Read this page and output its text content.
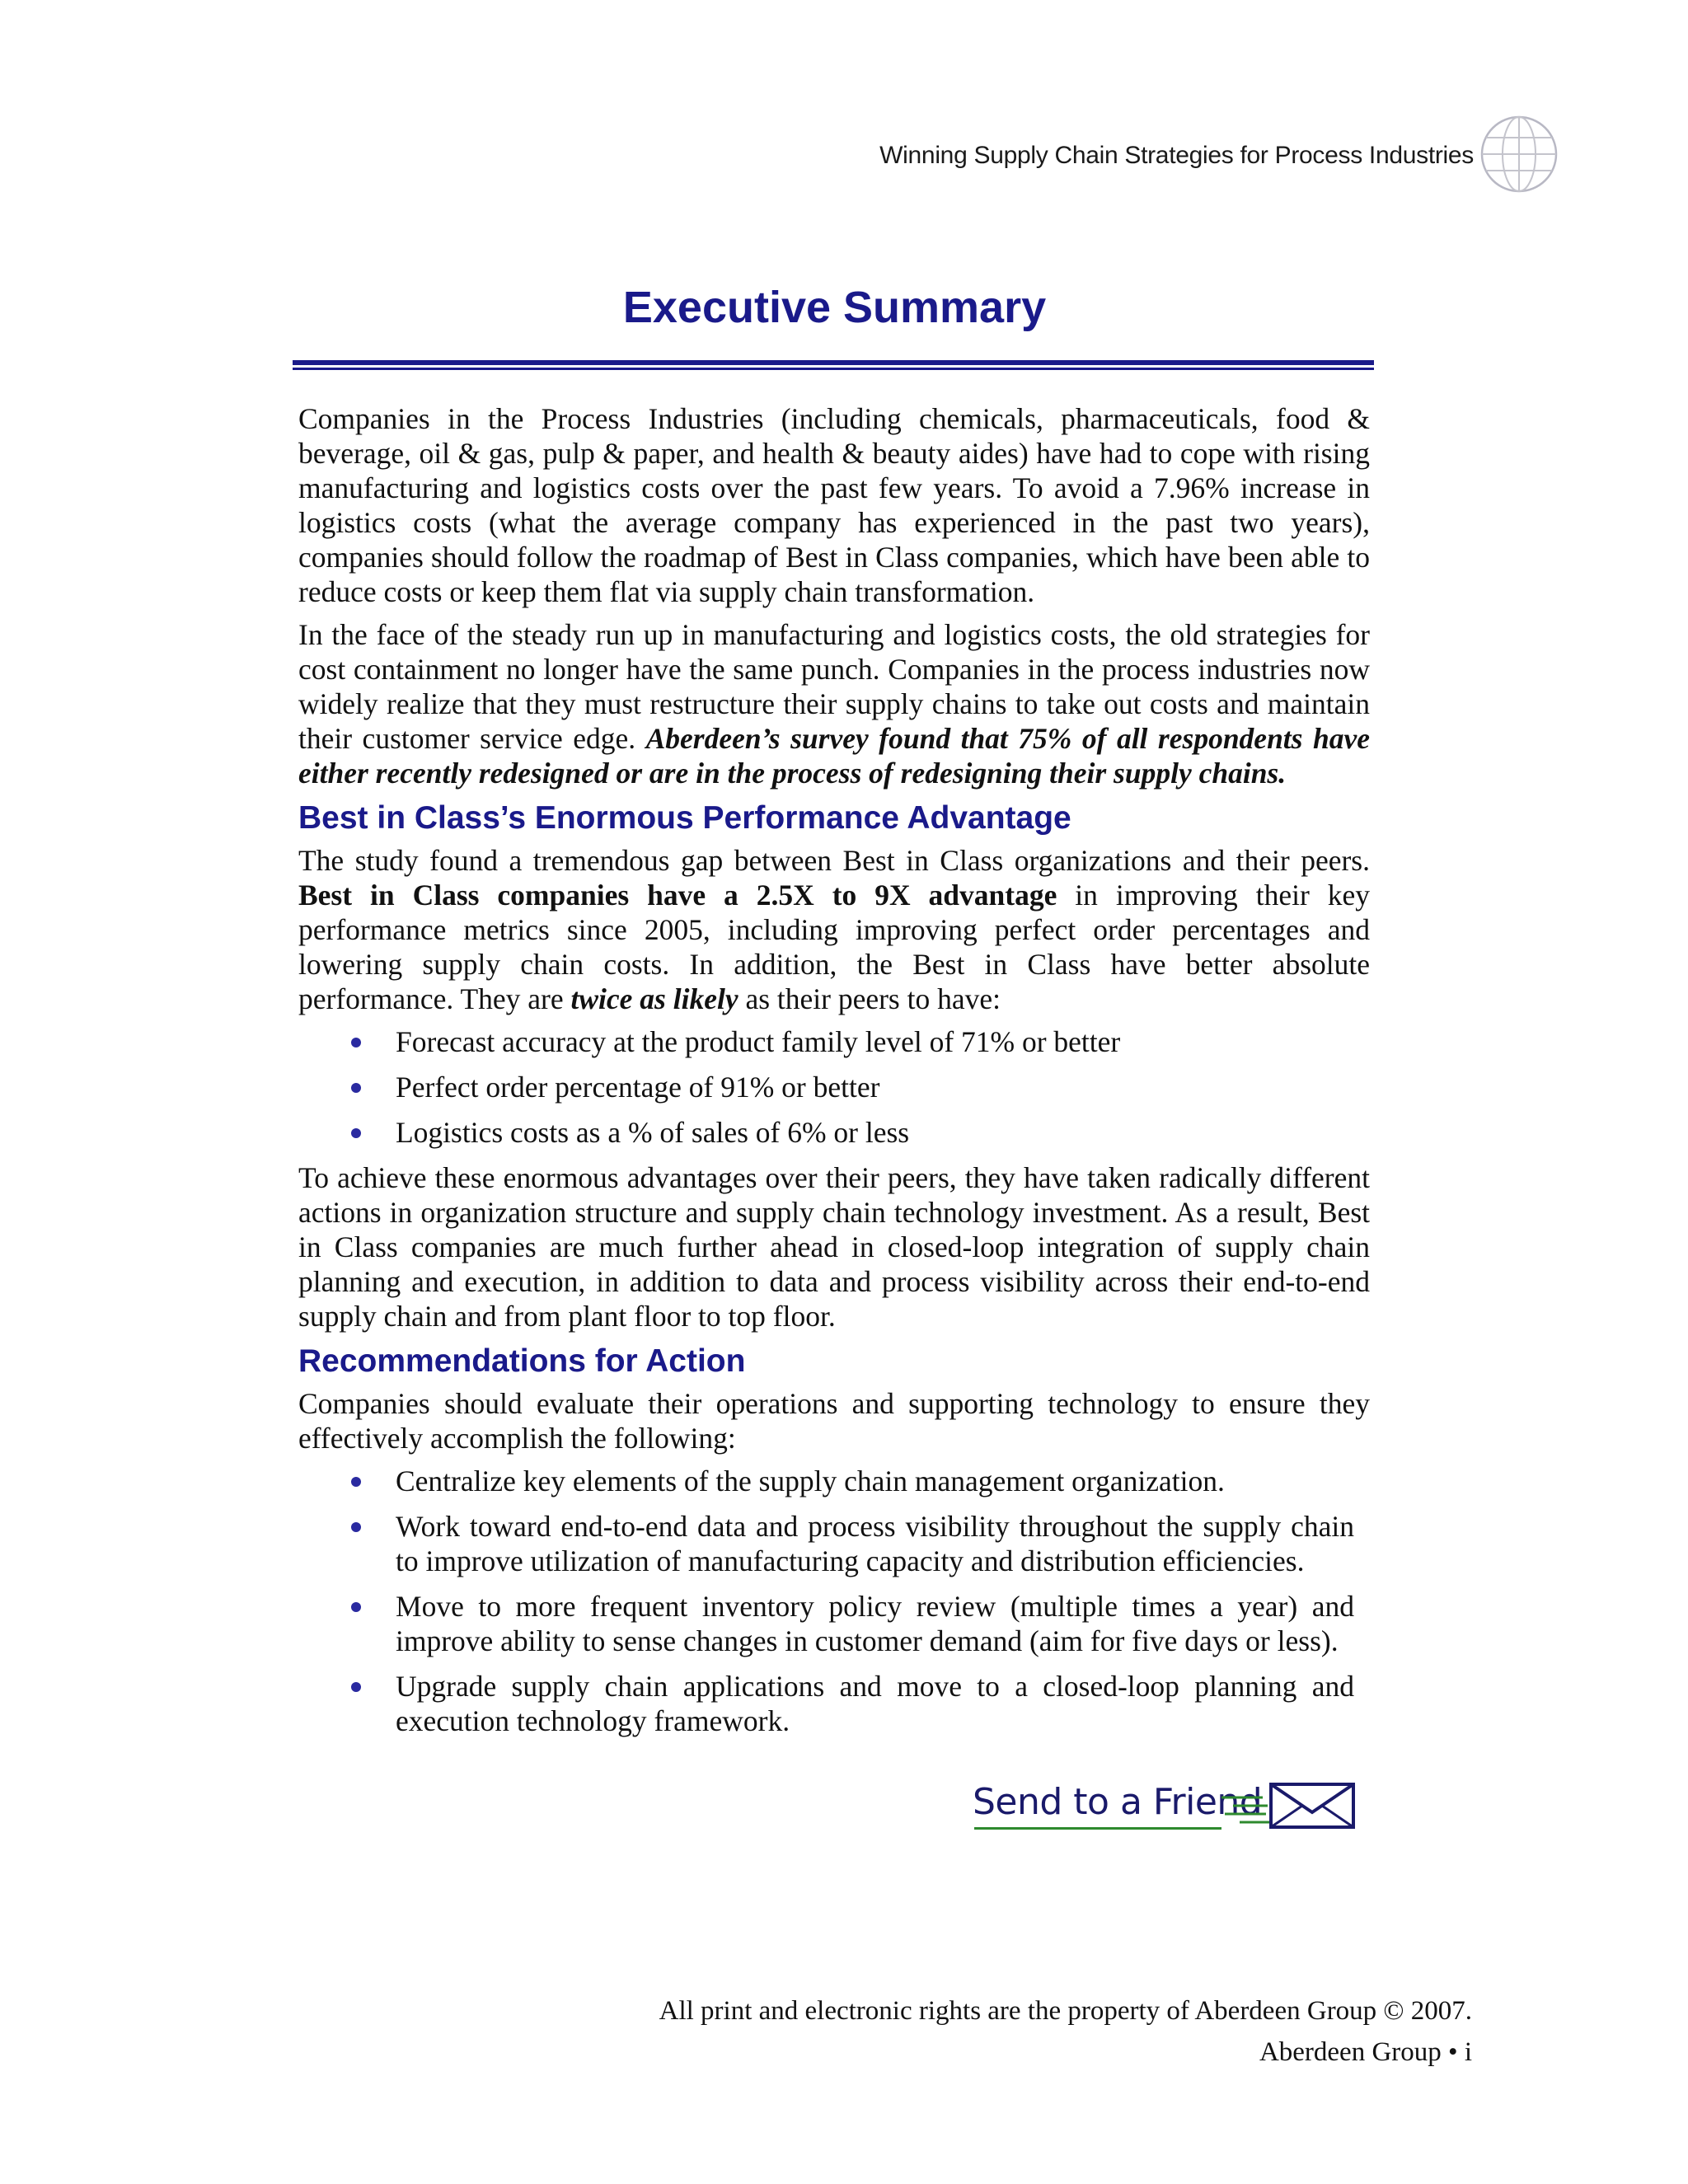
Winning Supply Chain Strategies for Process Industries
Executive Summary

Companies in the Process Industries (including chemicals, pharmaceuticals, food & beverage, oil & gas, pulp & paper, and health & beauty aides) have had to cope with rising manufacturing and logistics costs over the past few years. To avoid a 7.96% increase in logistics costs (what the average company has experienced in the past two years), companies should follow the roadmap of Best in Class companies, which have been able to reduce costs or keep them flat via supply chain transformation.

In the face of the steady run up in manufacturing and logistics costs, the old strategies for cost containment no longer have the same punch. Companies in the process industries now widely realize that they must restructure their supply chains to take out costs and maintain their customer service edge. Aberdeen’s survey found that 75% of all respondents have either recently redesigned or are in the process of redesigning their supply chains.

Best in Class’s Enormous Performance Advantage

The study found a tremendous gap between Best in Class organizations and their peers. Best in Class companies have a 2.5X to 9X advantage in improving their key performance metrics since 2005, including improving perfect order percentages and lowering supply chain costs. In addition, the Best in Class have better absolute performance. They are twice as likely as their peers to have:

Forecast accuracy at the product family level of 71% or better
Perfect order percentage of 91% or better
Logistics costs as a % of sales of 6% or less

To achieve these enormous advantages over their peers, they have taken radically different actions in organization structure and supply chain technology investment. As a result, Best in Class companies are much further ahead in closed-loop integration of supply chain planning and execution, in addition to data and process visibility across their end-to-end supply chain and from plant floor to top floor.

Recommendations for Action

Companies should evaluate their operations and supporting technology to ensure they effectively accomplish the following:

Centralize key elements of the supply chain management organization.
Work toward end-to-end data and process visibility throughout the supply chain to improve utilization of manufacturing capacity and distribution efficiencies.
Move to more frequent inventory policy review (multiple times a year) and improve ability to sense changes in customer demand (aim for five days or less).
Upgrade supply chain applications and move to a closed-loop planning and execution technology framework.
Send to a Friend
All print and electronic rights are the property of Aberdeen Group © 2007.
Aberdeen Group • i
